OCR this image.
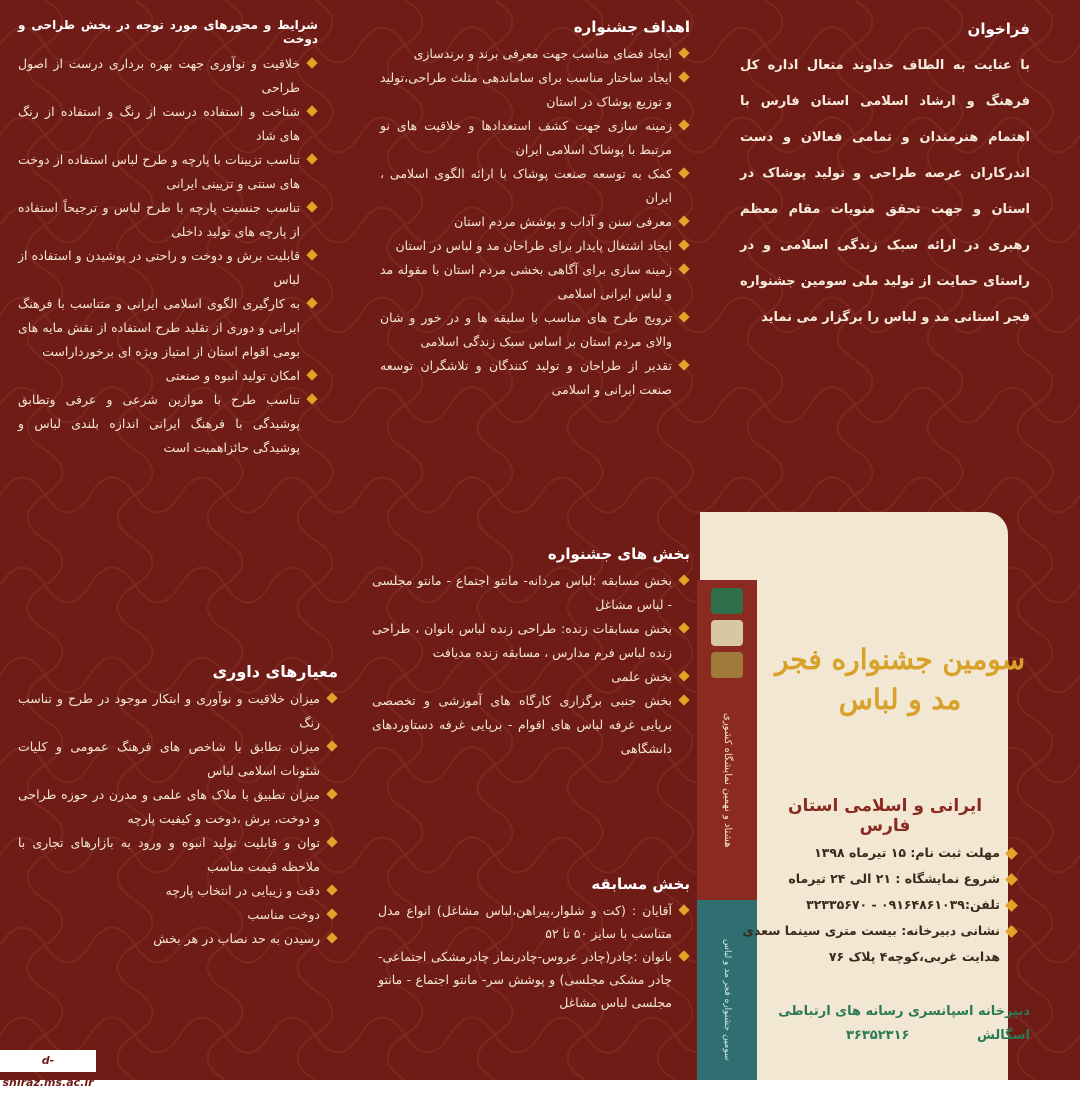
فراخوان

با عنایت به الطاف خداوند متعال اداره کل فرهنگ و ارشاد اسلامی استان فارس با اهتمام هنرمندان و تمامی فعالان و دست اندرکاران عرصه طراحی و تولید پوشاک در استان و جهت تحقق منویات مقام معظم رهبری در ارائه سبک زندگی اسلامی و در راستای حمایت از تولید ملی سومین جشنواره فجر استانی مد و لباس را برگزار می نماید

اهداف جشنواره
ایجاد فضای مناسب جهت معرفی برند و برندسازی
ایجاد ساختار مناسب برای ساماندهی مثلث طراحی،تولید و توزیع پوشاک در استان
زمینه سازی جهت کشف استعدادها و خلاقیت های نو مرتبط با پوشاک اسلامی ایران
کمک به توسعه صنعت پوشاک با ارائه الگوی اسلامی ، ایران
معرفی سنن و آداب و پوشش مردم استان
ایجاد اشتغال پایدار برای طراحان مد و لباس در استان
زمینه سازی برای آگاهی بخشی مردم استان با مقوله مد و لباس ایرانی اسلامی
ترویج طرح های مناسب با سلیقه ها و در خور و شان والای مردم استان بر اساس سبک زندگی اسلامی
تقدیر از طراحان و تولید کنندگان و تلاشگران توسعه صنعت ایرانی و اسلامی
شرایط و محورهای مورد توجه در بخش طراحی و دوخت
خلاقیت و نوآوری جهت بهره برداری درست از اصول طراحی
شناخت و استفاده درست از رنگ و استفاده از رنگ های شاد
تناسب تزیینات با پارچه و طرح لباس استفاده از دوخت های سنتی و تزیینی ایرانی
تناسب جنسیت پارچه با طرح لباس و ترجیحاً استفاده از پارچه های تولید داخلی
قابلیت برش و دوخت و راحتی در پوشیدن و استفاده از لباس
به کارگیری الگوی اسلامی ایرانی و متناسب با فرهنگ ایرانی و دوری از تقلید طرح استفاده از نقش مایه های بومی اقوام استان از امتیاز ویژه ای برخورداراست
امکان تولید انبوه و صنعتی
تناسب طرح با موازین شرعی و عرفی وتطابق پوشیدگی با فرهنگ ایرانی اندازه بلندی لباس و پوشیدگی حائزاهمیت است
بخش های جشنواره
بخش مسابقه :لباس مردانه- مانتو اجتماع - مانتو مجلسی - لباس مشاغل
بخش مسابقات زنده: طراحی زنده لباس بانوان ، طراحی زنده لباس فرم مدارس ، مسابقه زنده مدیافت
بخش علمی
بخش جنبی برگزاری کارگاه های آموزشی و تخصصی برپایی غرفه لباس های اقوام - برپایی غرفه دستاوردهای دانشگاهی
معیارهای داوری
میزان خلاقیت و نوآوری و ابتکار موجود در طرح و تناسب رنگ
میزان تطابق با شاخص های فرهنگ عمومی و کلیات شئونات اسلامی لباس
میزان تطبیق با ملاک های علمی و مدرن در حوزه طراحی و دوخت، برش ،دوخت و کیفیت پارچه
توان و قابلیت تولید انبوه و ورود به بازارهای تجاری با ملاحظه قیمت مناسب
دقت و زیبایی در انتخاب پارچه
دوخت مناسب
رسیدن به حد نصاب در هر بخش
بخش مسابقه
آقایان : (کت و شلوار،پیراهن،لباس مشاغل) انواع مدل متناسب با سایز ۵۰ تا ۵۲
بانوان :چادر(چادر عروس-چادرنماز چادرمشکی اجتماعی-چادر مشکی مجلسی) و پوشش سر- مانتو اجتماع - مانتو مجلسی لباس مشاغل
هشتاد و نهمین نمایشگاه کشوری
سومین جشنواره فجر مد و لباس
سومین جشنواره فجر مد و لباس
ایرانی و اسلامی استان فارس
مهلت ثبت نام: ۱۵ تیرماه ۱۳۹۸
شروع نمایشگاه : ۲۱ الی ۲۴ تیرماه
تلفن:۰۹۱۶۴۸۶۱۰۳۹ - ۳۲۳۳۵۶۷۰
نشانی دبیرخانه: بیست متری سینما سعدی هدایت غربی،کوچه۴ پلاک ۷۶
دبیرخانه اسپانسری رسانه های ارتباطی اسگالش
۳۶۳۵۲۳۱۶
d-shiraz.ms.ac.ir
